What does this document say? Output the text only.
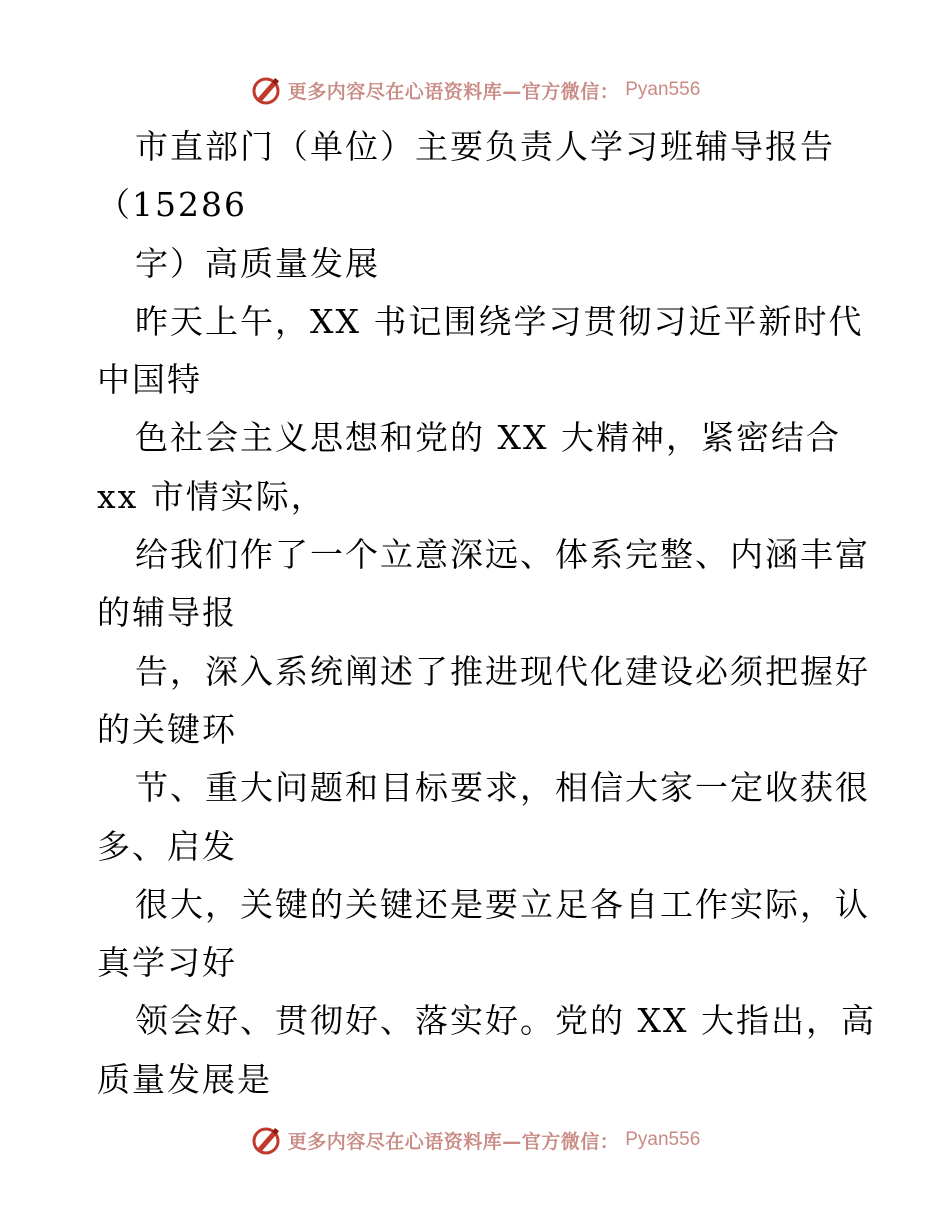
更多内容尽在心语资料库—官方微信： Pyan556
市直部门（单位）主要负责人学习班辅导报告
（15286
字）高质量发展
昨天上午，XX 书记围绕学习贯彻习近平新时代
中国特
色社会主义思想和党的 XX 大精神，紧密结合
xx 市情实际，
给我们作了一个立意深远、体系完整、内涵丰富
的辅导报
告，深入系统阐述了推进现代化建设必须把握好
的关键环
节、重大问题和目标要求，相信大家一定收获很
多、启发
很大，关键的关键还是要立足各自工作实际，认
真学习好
领会好、贯彻好、落实好。党的 XX 大指出，高
质量发展是
更多内容尽在心语资料库—官方微信： Pyan556
